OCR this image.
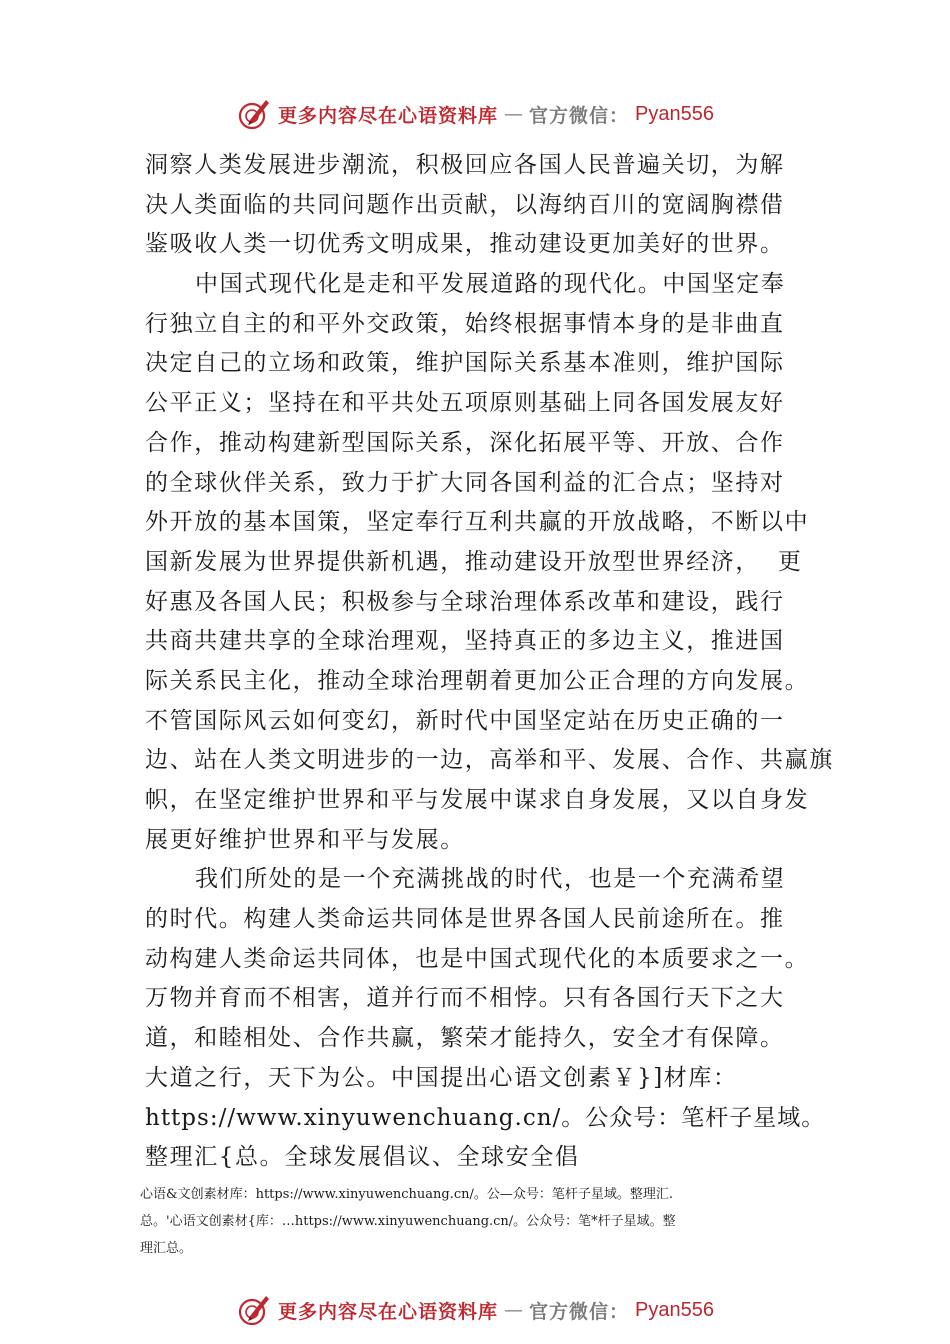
更多内容尽在心语资料库 — 官方微信： Pyan556
洞察人类发展进步潮流，积极回应各国人民普遍关切，为解
决人类面临的共同问题作出贡献，以海纳百川的宽阔胸襟借
鉴吸收人类一切优秀文明成果，推动建设更加美好的世界。
中国式现代化是走和平发展道路的现代化。中国坚定奉
行独立自主的和平外交政策，始终根据事情本身的是非曲直
决定自己的立场和政策，维护国际关系基本准则，维护国际
公平正义；坚持在和平共处五项原则基础上同各国发展友好
合作，推动构建新型国际关系，深化拓展平等、开放、合作
的全球伙伴关系，致力于扩大同各国利益的汇合点；坚持对
外开放的基本国策，坚定奉行互利共赢的开放战略，不断以中
国新发展为世界提供新机遇，推动建设开放型世界经济，  更
好惠及各国人民；积极参与全球治理体系改革和建设，践行
共商共建共享的全球治理观，坚持真正的多边主义，推进国
际关系民主化，推动全球治理朝着更加公正合理的方向发展。
不管国际风云如何变幻，新时代中国坚定站在历史正确的一
边、站在人类文明进步的一边，高举和平、发展、合作、共赢旗
帜，在坚定维护世界和平与发展中谋求自身发展，又以自身发
展更好维护世界和平与发展。
我们所处的是一个充满挑战的时代，也是一个充满希望
的时代。构建人类命运共同体是世界各国人民前途所在。推
动构建人类命运共同体，也是中国式现代化的本质要求之一。
万物并育而不相害，道并行而不相悖。只有各国行天下之大
道，和睦相处、合作共赢，繁荣才能持久，安全才有保障。
大道之行，天下为公。中国提出心语文创素￥}]材库：
https://www.xinyuwenchuang.cn/。公众号：笔杆子星域。
整理汇{总。全球发展倡议、全球安全倡
心语&文创素材库：https://www.xinyuwenchuang.cn/。公—众号：笔杆子星域。整理汇.
总。'心语文创素材{库：…https://www.xinyuwenchuang.cn/。公众号：笔*杆子星域。整
理汇总。
更多内容尽在心语资料库 — 官方微信： Pyan556
